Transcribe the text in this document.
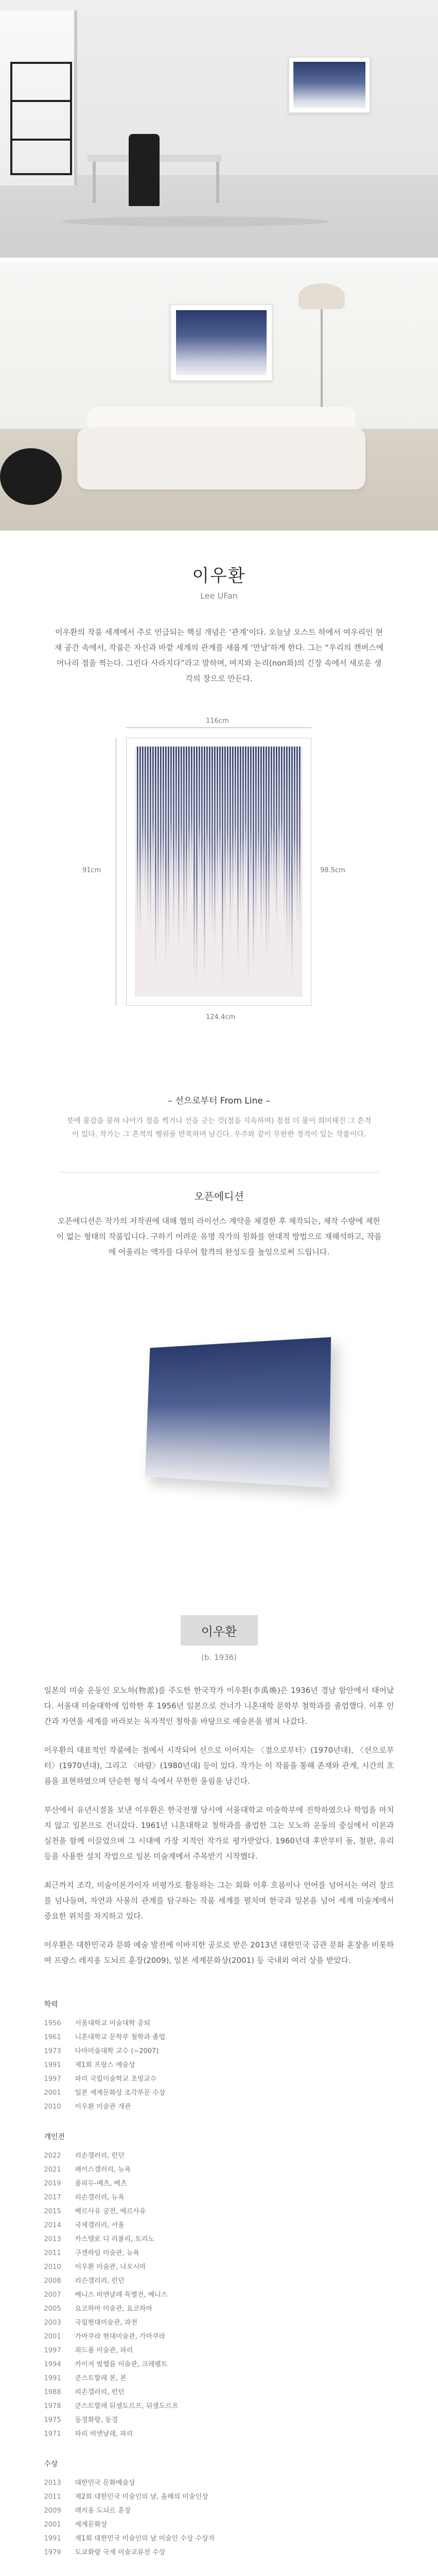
이우환
Lee UFan
이우환의 작품 세계에서 주로 언급되는 핵심 개념은 ‘관계’이다. 오늘날 오스트 하에서 여우리인 현재 공간 속에서, 작품은 자신과 바깥 세계의 관계를 새롭게 ‘만남’하게 한다. 그는 “우리의 캔버스에 머나리 점을 찍는다. 그런다 사라지다”라고 말하며, 여지와 논리(non화)의 긴장 속에서 새로운 생각의 장으로 만든다.
116cm
91cm	98.5cm
124.4cm
– 선으로부터 From Line –
붓에 물감을 묻혀 나아가 점을 찍거나 선을 긋는 것(점을 지속하며) 점점 더 물이 희미해진 그 흔적이 있다. 작가는 그 흔적의 행위를 반복하며 남긴다. 우주와 같이 무한한 정적이 있는 작품이다.
오픈에디션
오픈에디션은 작가의 저작권에 대해 협의 라이선스 계약을 체결한 후 제작되는, 제작 수량에 제한이 없는 형태의 작품입니다. 구하기 어려운 유명 작가의 원화를 현대적 방법으로 재해석하고, 작품에 어울리는 액자를 다루어 합격의 완성도를 높임으로써 드립니다.
이우환
(b. 1936)

일본의 미술 운동인 모노하(物派)를 주도한 한국작가 이우환(李禹煥)은 1936년 경남 함안에서 태어났다. 서울대 미술대학에 입학한 후 1956년 일본으로 건너가 니혼대학 문학부 철학과를 졸업했다. 이후 인간과 자연을 세계를 바라보는 독자적인 철학을 바탕으로 예술론을 펼쳐 나갔다.

이우환의 대표적인 작품에는 점에서 시작되어 선으로 이어지는 〈점으로부터〉(1970년대), 〈선으로부터〉(1970년대), 그리고 〈바람〉(1980년대) 등이 있다. 작가는 이 작품을 통해 존재와 관계, 시간의 흐름을 표현하였으며 단순한 형식 속에서 무한한 울림을 남긴다.

부산에서 유년시절을 보낸 이우환은 한국전쟁 당시에 서울대학교 미술학부에 진학하였으나 학업을 마치지 않고 일본으로 건너갔다. 1961년 니혼대학교 철학과를 졸업한 그는 모노하 운동의 중심에서 이론과 실천을 함께 이끌었으며 그 시대에 가장 지적인 작가로 평가받았다. 1960년대 후반부터 돌, 철판, 유리 등을 사용한 설치 작업으로 일본 미술계에서 주목받기 시작했다.

최근까지 조각, 미술이론가이자 비평가로 활동하는 그는 회화 이후 흐름이나 언어를 넘어서는 여러 장르를 넘나들며, 자연과 사물의 관계를 탐구하는 작품 세계를 펼치며 한국과 일본을 넘어 세계 미술계에서 중요한 위치를 차지하고 있다.

이우환은 대한민국과 문화 예술 발전에 이바지한 공로로 받은 2013년 대한민국 금관 문화 훈장을 비롯하여 프랑스 레지옹 도뇌르 훈장(2009), 일본 세계문화상(2001) 등 국내외 여러 상을 받았다.

학력
1956	서울대학교 미술대학 중퇴
1961	니혼대학교 문학부 철학과 졸업
1973	다마미술대학 교수 (~2007)
1991	제1회 프랑스 예술상
1997	파리 국립미술학교 초빙교수
2001	일본 세계문화상 조각부문 수상
2010	이우환 미술관 개관
개인전
2022	리손갤러리, 런던
2021	페이스갤러리, 뉴욕
2019	퐁피두-메츠, 메츠
2017	리손갤러리, 뉴욕
2015	베르사유 궁전, 베르사유
2014	국제갤러리, 서울
2013	카스텔로 디 리볼리, 토리노
2011	구겐하임 미술관, 뉴욕
2010	이우환 미술관, 나오시마
2008	리슨갤러리, 런던
2007	베니스 비엔날레 특별전, 베니스
2005	요코하마 미술관, 요코하마
2003	국립현대미술관, 과천
2001	가마쿠라 현대미술관, 가마쿠라
1997	죄드폼 미술관, 파리
1994	카이저 빌헬름 미술관, 크레펠트
1991	쿤스트할레 본, 본
1988	리손갤러리, 런던
1978	쿤스트할레 뒤셀도르프, 뒤셀도르프
1975	동경화랑, 동경
1971	파리 비엔날레, 파리
수상
2013	대한민국 문화예술상
2011	제2회 대한민국 미술인의 날, 올해의 미술인상
2009	레지옹 도뇌르 훈장
2001	세계문화상
1991	제1회 대한민국 미술인의 날 미술인 수상 수상자
1979	도쿄화랑 국제 미술교류전 수상
